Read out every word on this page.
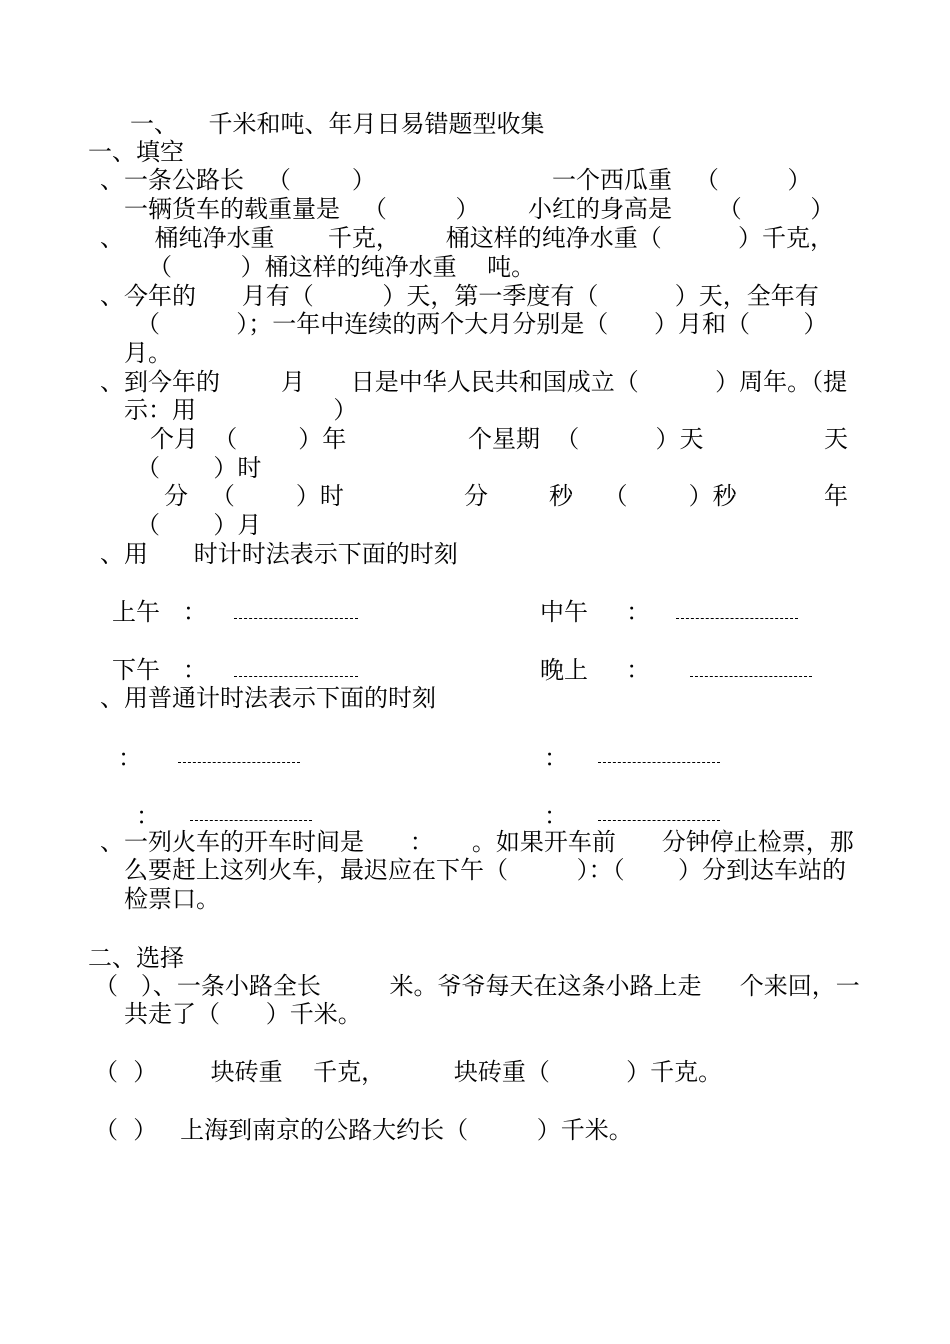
一、    千米和吨、年月日易错题型收集
一、填空
、一条公路长   （        ）	一个西瓜重   （         ）
一辆货车的载重量是   （         ） 小红的身高是      （         ）
、    桶纯净水重       千克，      桶这样的纯净水重（          ）千克，
（         ）桶这样的纯净水重    吨。
、今年的      月有（         ）天，第一季度有（          ）天，全年有
（          ）；一年中连续的两个大月分别是（      ）月和（       ）
月。
、到今年的        月      日是中华人民共和国成立（          ）周年。（提
示：用                  ）
个月  （        ）年	个星期  （          ）天	天
（       ）时
分   （        ）时	分        秒    （        ）秒	年
（       ）月
、用      时计时法表示下面的时刻
上午   ：	中午     ：
下午   ：	晚上     ：
、用普通计时法表示下面的时刻
：	：
：	：
、一列火车的开车时间是      ：     。如果开车前      分钟停止检票，那
么要赶上这列火车，最迟应在下午（         ）：（       ）分到达车站的
检票口。
二、选择
（   ）、一条小路全长         米。爷爷每天在这条小路上走     个来回，一
共走了（      ）千米。
（  ）       块砖重    千克，         块砖重（          ）千克。
（  ）   上海到南京的公路大约长（         ）千米。
